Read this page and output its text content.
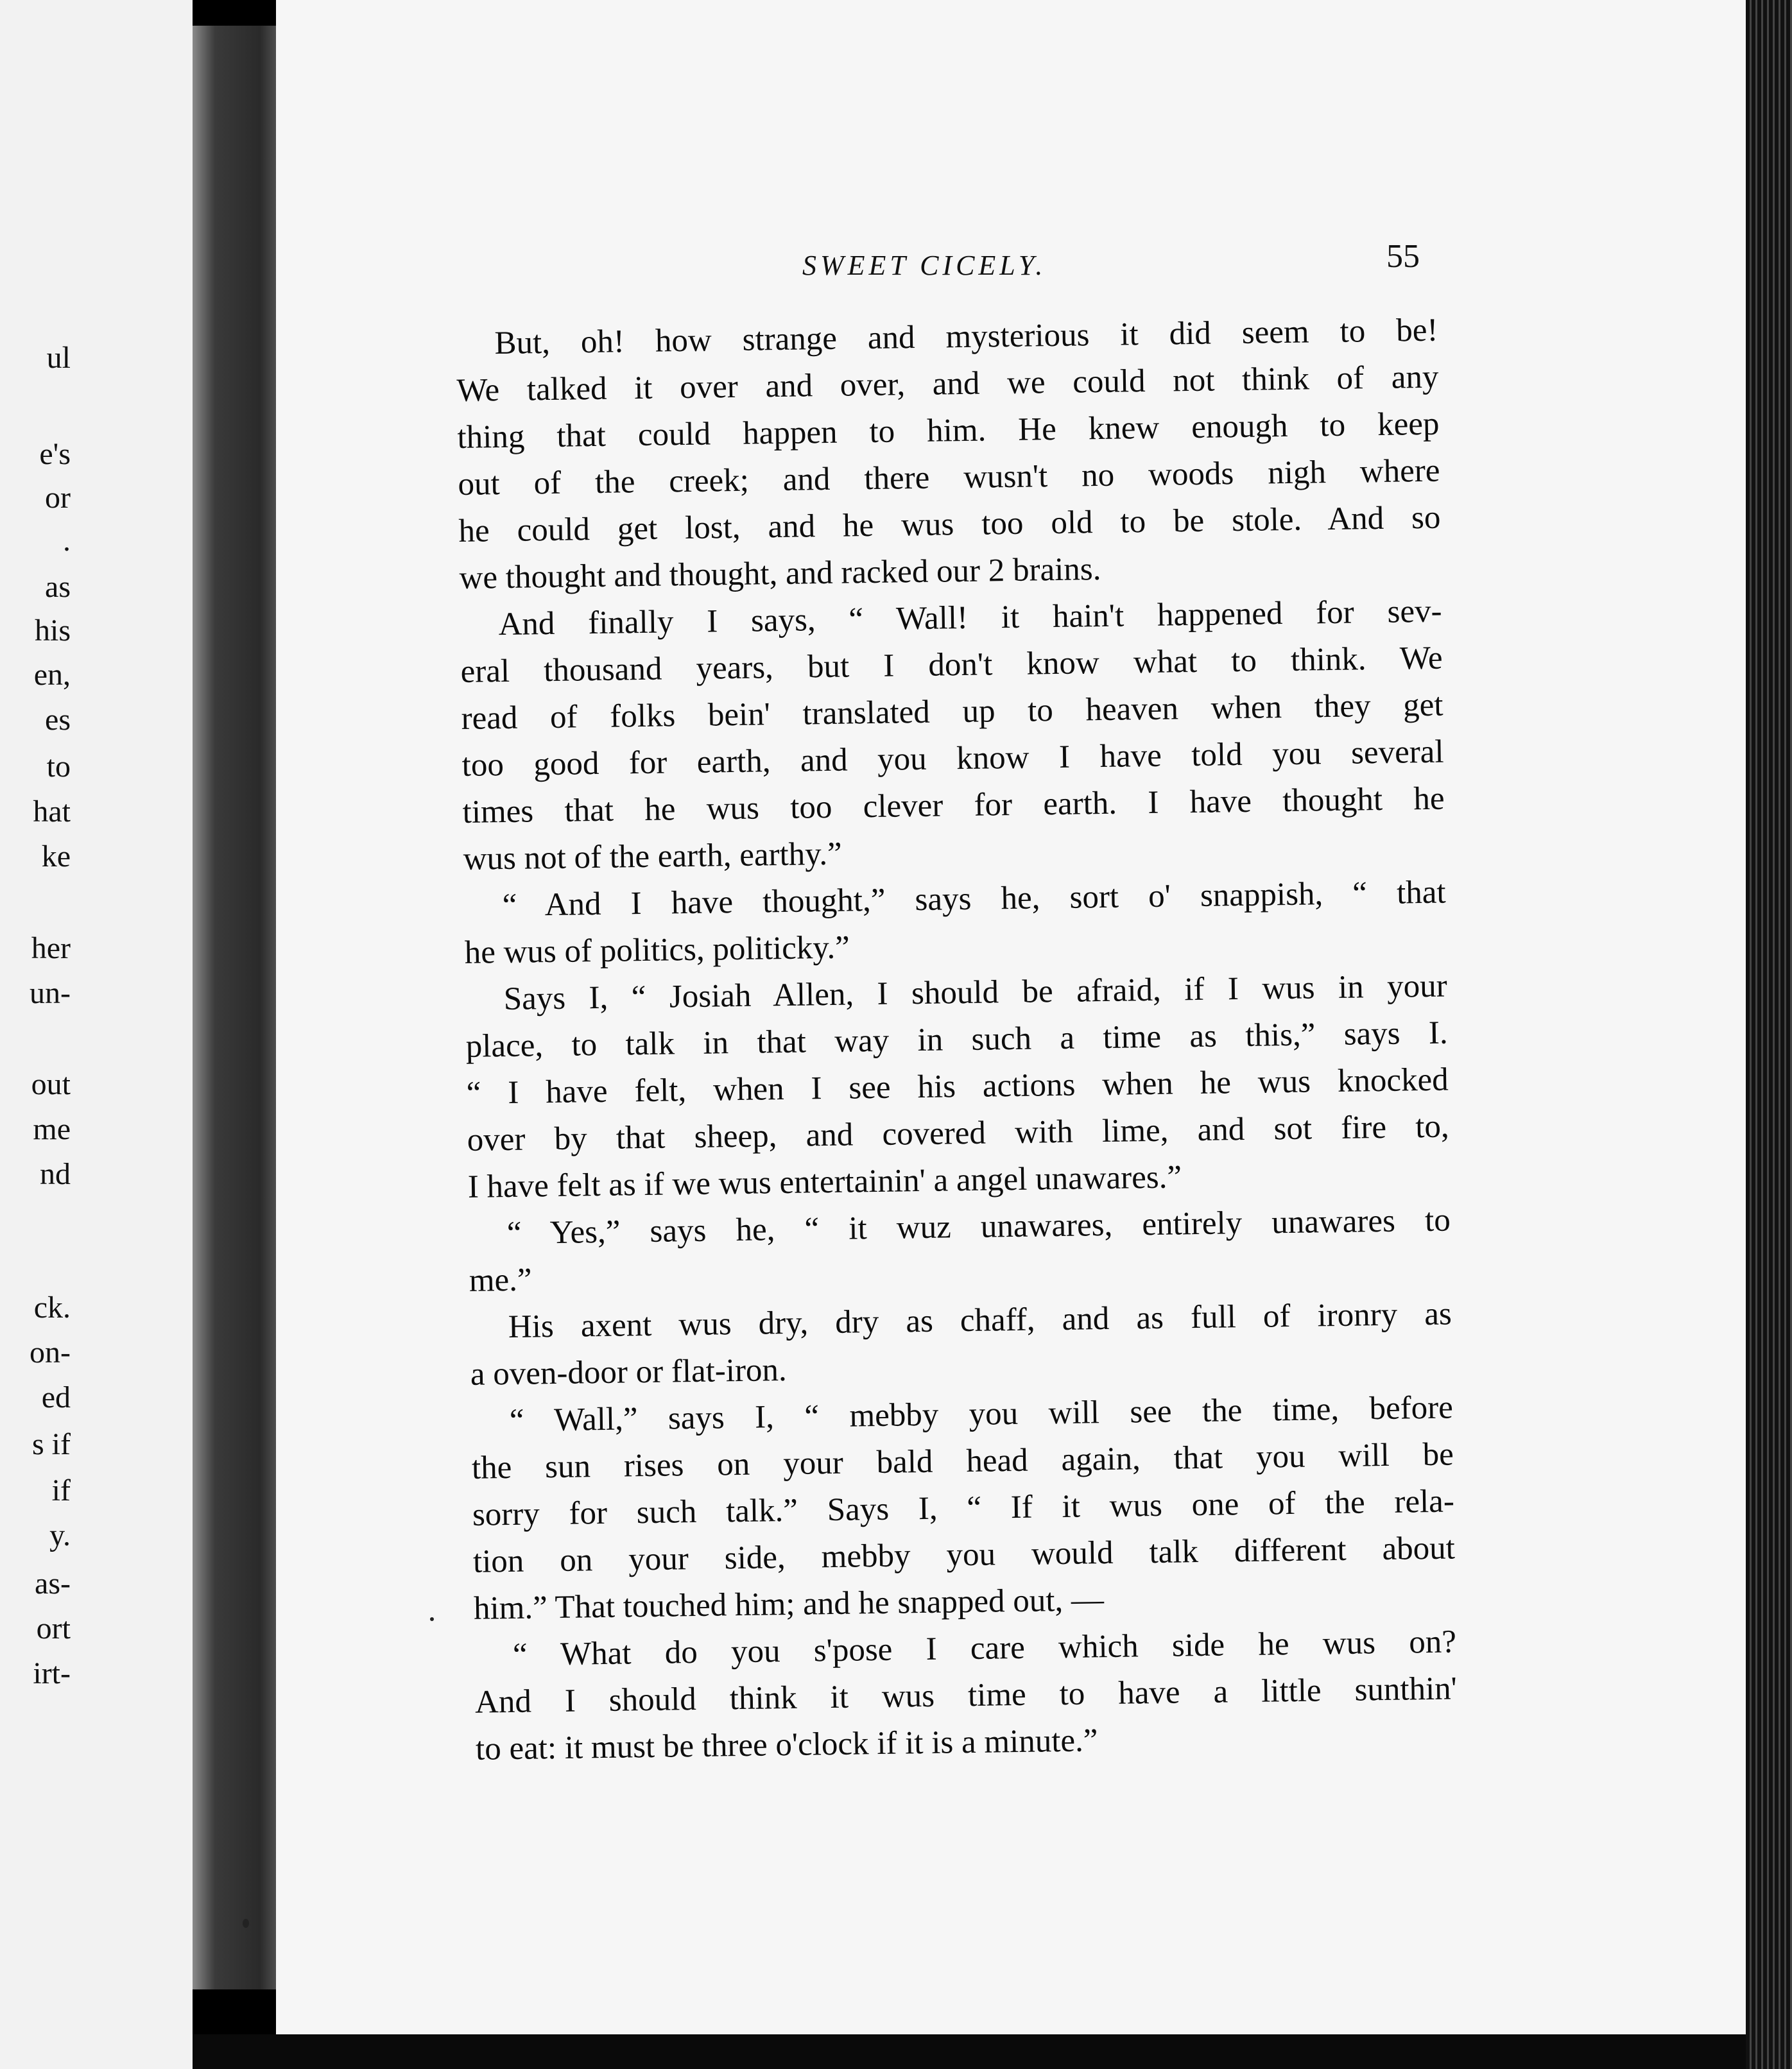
ul
e's
or
.
as
his
en,
es
to
hat
ke
her
un-
out
me
nd
ck.
on-
ed
s if
if
y.
as-
ort
irt-
SWEET CICELY.	55
But, oh! how strange and mysterious it did seem to be!
We talked it over and over, and we could not think of any
thing that could happen to him. He knew enough to keep
out of the creek; and there wusn't no woods nigh where
he could get lost, and he wus too old to be stole. And so
we thought and thought, and racked our 2 brains.
And finally I says, “ Wall! it hain't happened for sev-
eral thousand years, but I don't know what to think. We
read of folks bein' translated up to heaven when they get
too good for earth, and you know I have told you several
times that he wus too clever for earth. I have thought he
wus not of the earth, earthy.”
“ And I have thought,” says he, sort o' snappish, “ that
he wus of politics, politicky.”
Says I, “ Josiah Allen, I should be afraid, if I wus in your
place, to talk in that way in such a time as this,” says I.
“ I have felt, when I see his actions when he wus knocked
over by that sheep, and covered with lime, and sot fire to,
I have felt as if we wus entertainin' a angel unawares.”
“ Yes,” says he, “ it wuz unawares, entirely unawares to
me.”
His axent wus dry, dry as chaff, and as full of ironry as
a oven-door or flat-iron.
“ Wall,” says I, “ mebby you will see the time, before
the sun rises on your bald head again, that you will be
sorry for such talk.” Says I, “ If it wus one of the rela-
tion on your side, mebby you would talk different about
him.” That touched him; and he snapped out, —
“ What do you s'pose I care which side he wus on?
And I should think it wus time to have a little sunthin'
to eat: it must be three o'clock if it is a minute.”
